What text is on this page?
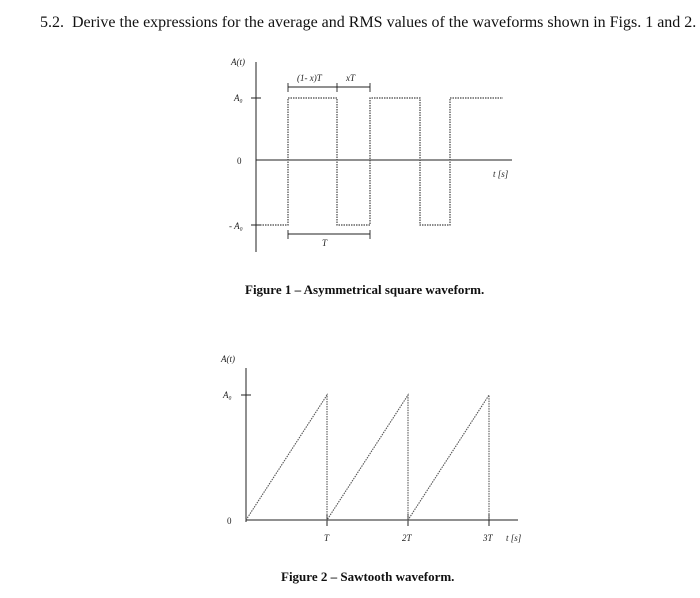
5.2. Derive the expressions for the average and RMS values of the waveforms shown in Figs. 1 and 2.
A(t)
A₀
0
- A₀
t [s]
(1- x)T	xT
T
Figure 1 – Asymmetrical square waveform.
A(t)
A₀
0
T	2T	3T t [s]
Figure 2 – Sawtooth waveform.
